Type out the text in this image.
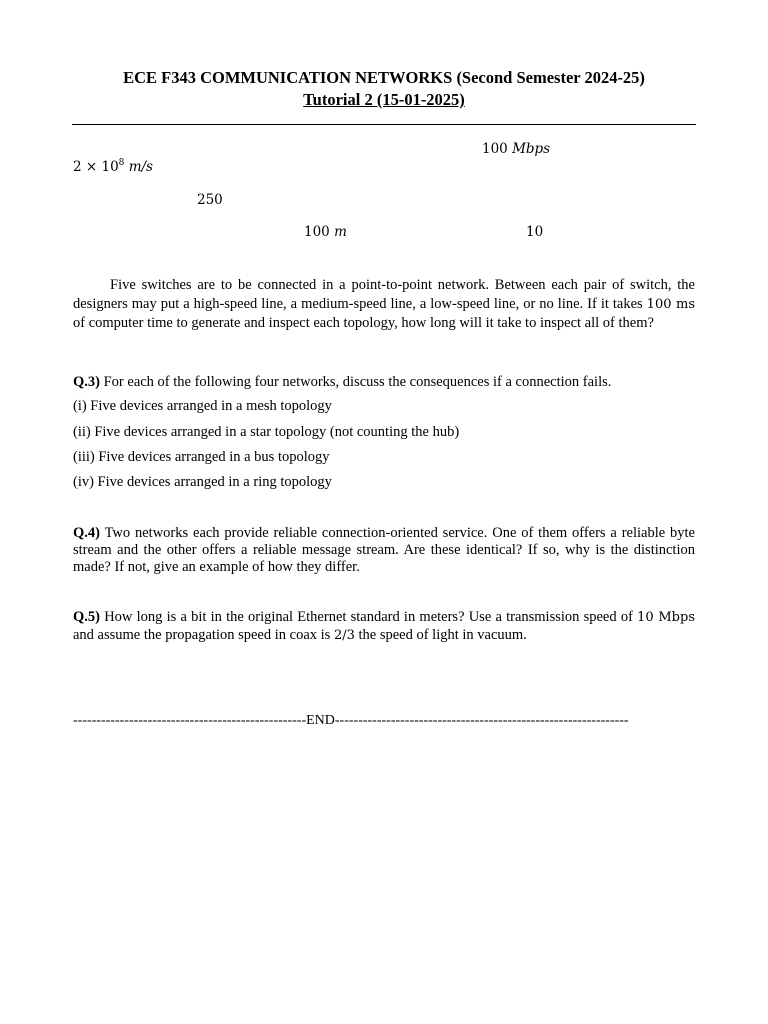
ECE F343 COMMUNICATION NETWORKS (Second Semester 2024-25)
Tutorial 2 (15-01-2025)
100 Mbps
$2 \times 10^8$ m/s
250
100 m	10
Five switches are to be connected in a point-to-point network. Between each pair of switch, the designers may put a high-speed line, a medium-speed line, a low-speed line, or no line. If it takes 100 ms of computer time to generate and inspect each topology, how long will it take to inspect all of them?
Q.3) For each of the following four networks, discuss the consequences if a connection fails.
(i) Five devices arranged in a mesh topology
(ii) Five devices arranged in a star topology (not counting the hub)
(iii) Five devices arranged in a bus topology
(iv) Five devices arranged in a ring topology
Q.4) Two networks each provide reliable connection-oriented service. One of them offers a reliable byte stream and the other offers a reliable message stream. Are these identical? If so, why is the distinction made? If not, give an example of how they differ.
Q.5) How long is a bit in the original Ethernet standard in meters? Use a transmission speed of 10 Mbps and assume the propagation speed in coax is 2/3 the speed of light in vacuum.
--------------------------------------------------END---------------------------------------------------------------
